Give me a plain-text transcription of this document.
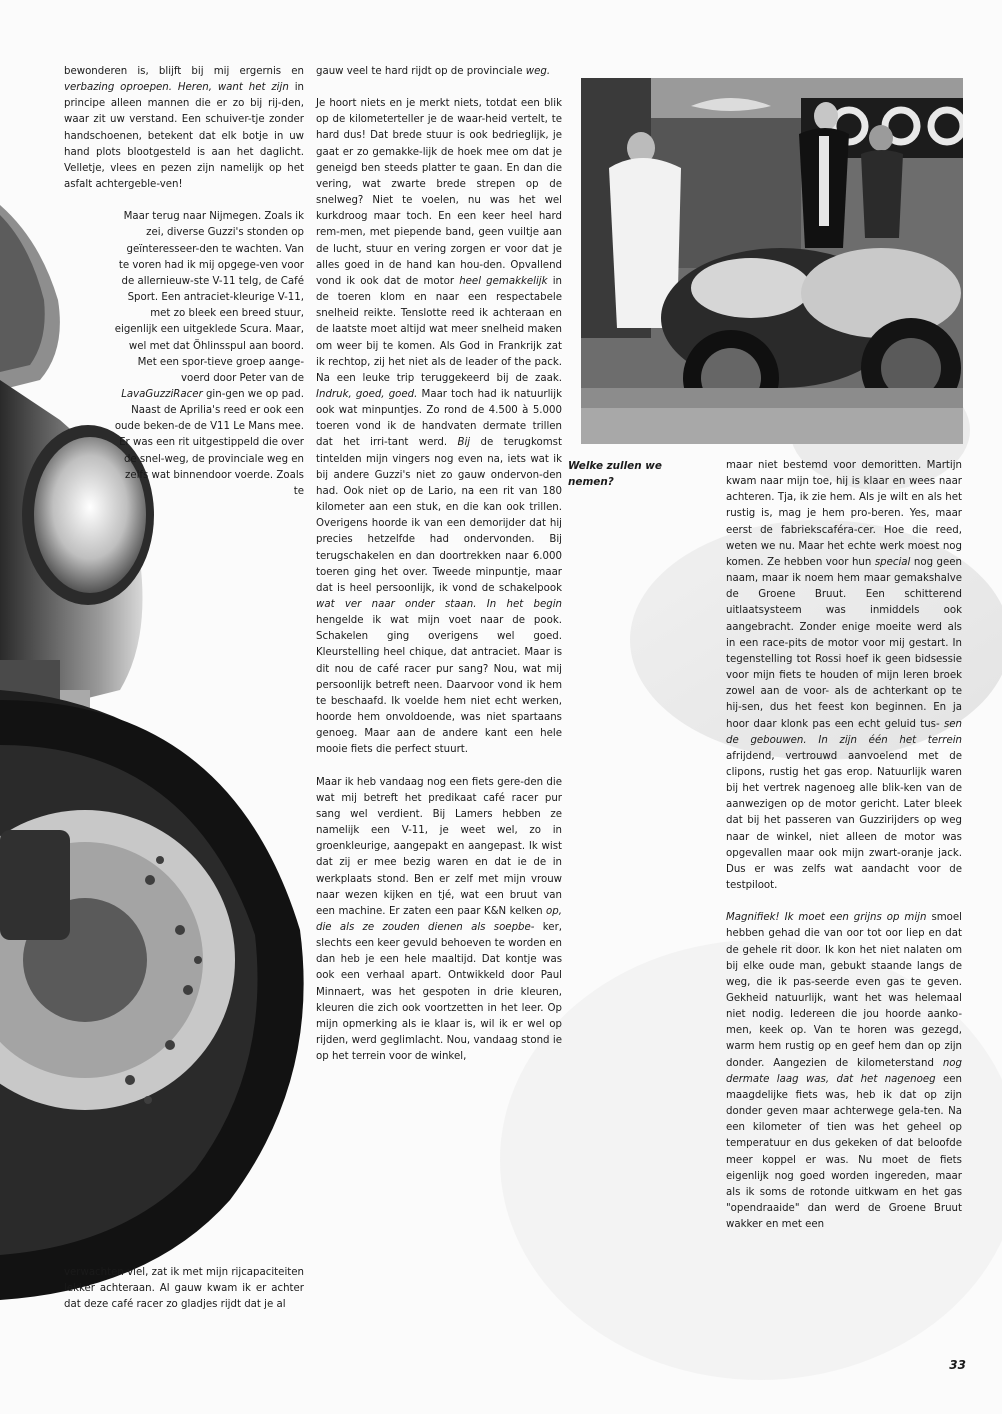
bewonderen is, blijft bij mij ergernis en verbazing oproepen. Heren, want het zijn in principe alleen mannen die er zo bij rij-den, waar zit uw verstand. Een schuiver-tje zonder handschoenen, betekent dat elk botje in uw hand plots blootgesteld is aan het daglicht. Velletje, vlees en pezen zijn namelijk op het asfalt achtergeble-ven!

Maar terug naar Nijmegen. Zoals ik zei, diverse Guzzi's stonden op geïnteresseer-den te wachten. Van te voren had ik mij opgege-ven voor de allernieuw-ste V-11 telg, de Café Sport. Een antraciet-kleurige V-11, met zo bleek een breed stuur, eigenlijk een uitgeklede Scura. Maar, wel met dat Öhlinsspul aan boord. Met een spor-tieve groep aange-voerd door Peter van de LavaGuzziRacer gin-gen we op pad. Naast de Aprilia's reed er ook een oude beken-de de V11 Le Mans mee. Er was een rit uitgestippeld die over de snel-weg, de provinciale weg en zelfs wat binnendoor voerde. Zoals te

verwachten viel, zat ik met mijn rijcapaciteiten lekker achteraan. Al gauw kwam ik er achter dat deze café racer zo gladjes rijdt dat je al

gauw veel te hard rijdt op de provinciale weg.

Je hoort niets en je merkt niets, totdat een blik op de kilometerteller je de waar-heid vertelt, te hard dus! Dat brede stuur is ook bedrieglijk, je gaat er zo gemakke-lijk de hoek mee om dat je geneigd ben steeds platter te gaan. En dan die vering, wat zwarte brede strepen op de snelweg? Niet te voelen, nu was het wel kurkdroog maar toch. En een keer heel hard rem-men, met piepende band, geen vuiltje aan de lucht, stuur en vering zorgen er voor dat je alles goed in de hand kan hou-den. Opvallend vond ik ook dat de motor heel gemakkelijk in de toeren klom en naar een respectabele snelheid reikte. Tenslotte reed ik achteraan en de laatste moet altijd wat meer snelheid maken om weer bij te komen. Als God in Frankrijk zat ik rechtop, zij het niet als de leader of the pack. Na een leuke trip teruggekeerd bij de zaak. Indruk, goed, goed. Maar toch had ik natuurlijk ook wat minpuntjes. Zo rond de 4.500 à 5.000 toeren vond ik de handvaten dermate trillen dat het irri-tant werd. Bij de terugkomst tintelden mijn vingers nog even na, iets wat ik bij andere Guzzi's niet zo gauw ondervon-den had. Ook niet op de Lario, na een rit van 180 kilometer aan een stuk, en die kan ook trillen. Overigens hoorde ik van een demorijder dat hij precies hetzelfde had ondervonden. Bij terugschakelen en dan doortrekken naar 6.000 toeren ging het over. Tweede minpuntje, maar dat is heel persoonlijk, ik vond de schakelpook wat ver naar onder staan. In het begin hengelde ik wat mijn voet naar de pook. Schakelen ging overigens wel goed. Kleurstelling heel chique, dat antraciet. Maar is dit nou de café racer pur sang? Nou, wat mij persoonlijk betreft neen. Daarvoor vond ik hem te beschaafd. Ik voelde hem niet echt werken, hoorde hem onvoldoende, was niet spartaans genoeg. Maar aan de andere kant een hele mooie fiets die perfect stuurt.

Maar ik heb vandaag nog een fiets gere-den die wat mij betreft het predikaat café racer pur sang wel verdient. Bij Lamers hebben ze namelijk een V-11, je weet wel, zo in groenkleurige, aangepakt en aangepast. Ik wist dat zij er mee bezig waren en dat ie de in werkplaats stond. Ben er zelf met mijn vrouw naar wezen kijken en tjé, wat een bruut van een machine. Er zaten een paar K&N kelken op, die als ze zouden dienen als soepbe- ker, slechts een keer gevuld behoeven te worden en dan heb je een hele maaltijd. Dat kontje was ook een verhaal apart. Ontwikkeld door Paul Minnaert, was het gespoten in drie kleuren, kleuren die zich ook voortzetten in het leer. Op mijn opmerking als ie klaar is, wil ik er wel op rijden, werd geglimlacht. Nou, vandaag stond ie op het terrein voor de winkel,

Welke zullen we nemen?

maar niet bestemd voor demoritten. Martijn kwam naar mijn toe, hij is klaar en wees naar achteren. Tja, ik zie hem. Als je wilt en als het rustig is, mag je hem pro-beren. Yes, maar eerst de fabriekscaféra-cer. Hoe die reed, weten we nu. Maar het echte werk moest nog komen. Ze hebben voor hun special nog geen naam, maar ik noem hem maar gemakshalve de Groene Bruut. Een schitterend uitlaatsysteem was inmiddels ook aangebracht. Zonder enige moeite werd als in een race-pits de motor voor mij gestart. In tegenstelling tot Rossi hoef ik geen bidsessie voor mijn fiets te houden of mijn leren broek zowel aan de voor- als de achterkant op te hij-sen, dus het feest kon beginnen. En ja hoor daar klonk pas een echt geluid tus- sen de gebouwen. In zijn één het terrein afrijdend, vertrouwd aanvoelend met de clipons, rustig het gas erop. Natuurlijk waren bij het vertrek nagenoeg alle blik-ken van de aanwezigen op de motor gericht. Later bleek dat bij het passeren van Guzzirijders op weg naar de winkel, niet alleen de motor was opgevallen maar ook mijn zwart-oranje jack. Dus er was zelfs wat aandacht voor de testpiloot.

Magnifiek! Ik moet een grijns op mijn smoel hebben gehad die van oor tot oor liep en dat de gehele rit door. Ik kon het niet nalaten om bij elke oude man, gebukt staande langs de weg, die ik pas-seerde even gas te geven. Gekheid natuurlijk, want het was helemaal niet nodig. Iedereen die jou hoorde aanko-men, keek op. Van te horen was gezegd, warm hem rustig op en geef hem dan op zijn donder. Aangezien de kilometerstand nog dermate laag was, dat het nagenoeg een maagdelijke fiets was, heb ik dat op zijn donder geven maar achterwege gela-ten. Na een kilometer of tien was het geheel op temperatuur en dus gekeken of dat beloofde meer koppel er was. Nu moet de fiets eigenlijk nog goed worden ingereden, maar als ik soms de rotonde uitkwam en het gas "opendraaide" dan werd de Groene Bruut wakker en met een

33
